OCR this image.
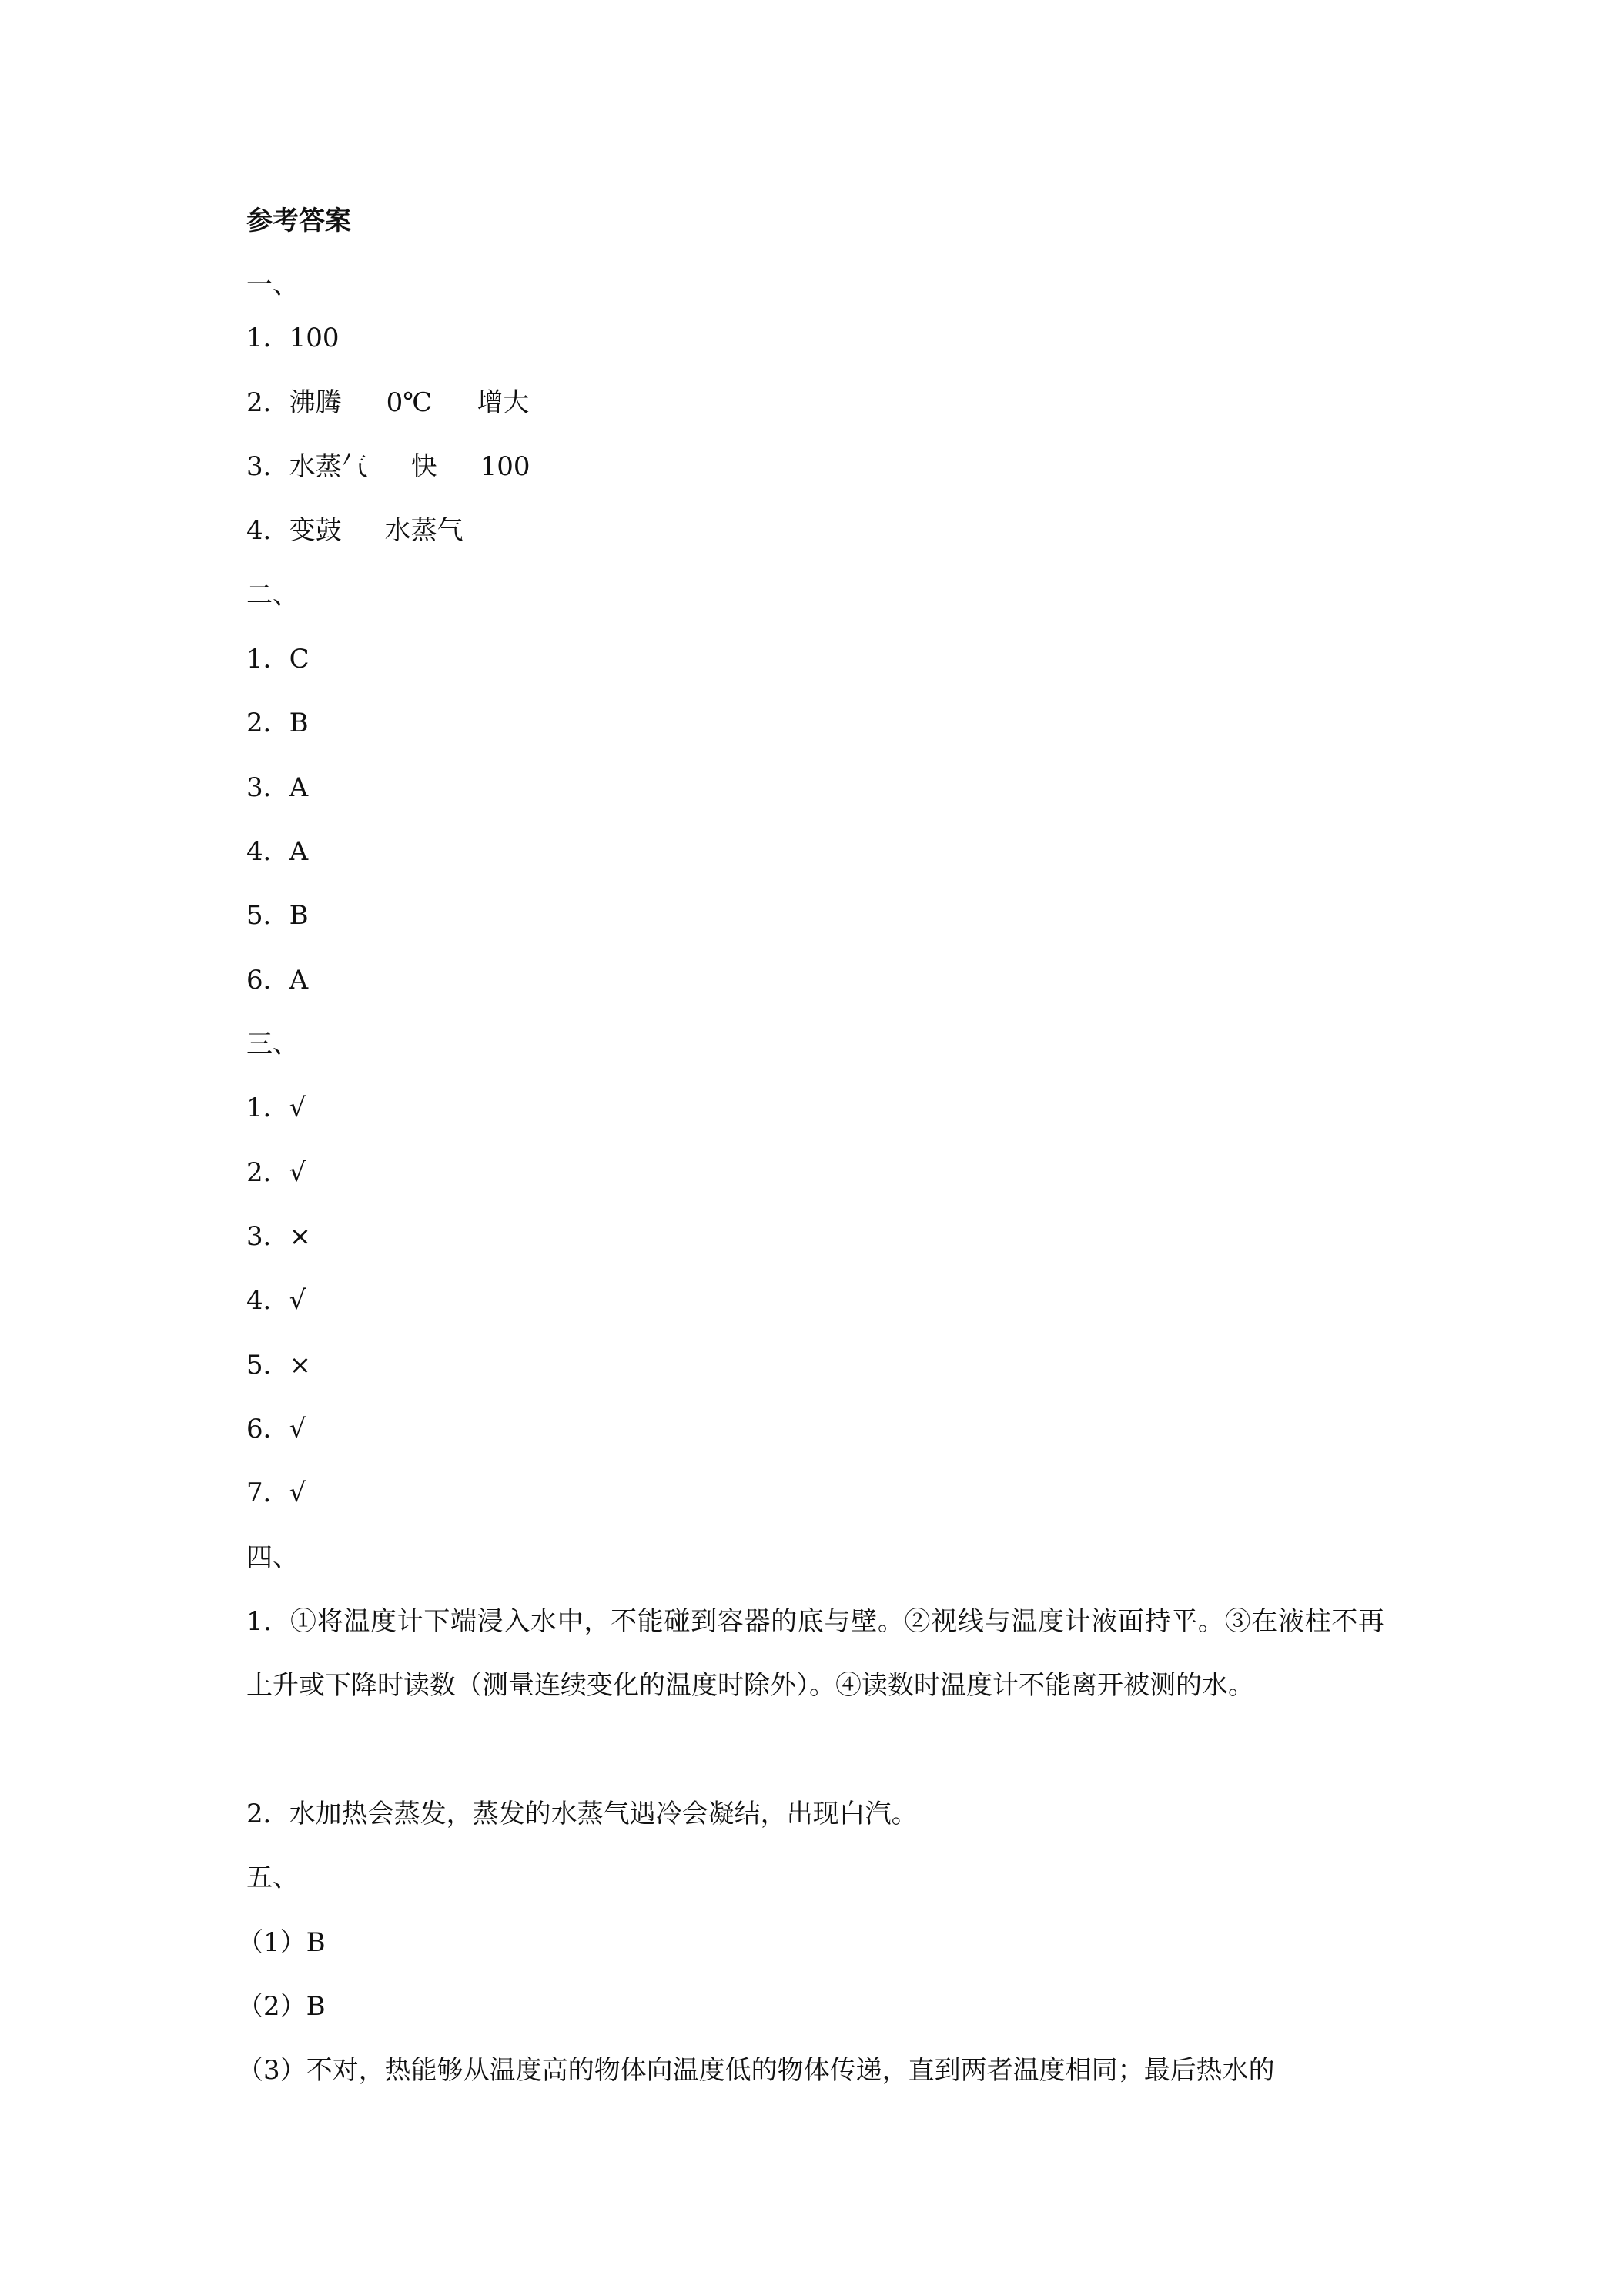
参考答案
一、
1．100
2．沸腾 0℃ 增大
3．水蒸气 快 100
4．变鼓 水蒸气
二、
1．C
2．B
3．A
4．A
5．B
6．A
三、
1．√
2．√
3．×
4．√
5．×
6．√
7．√
四、
1．①将温度计下端浸入水中，不能碰到容器的底与壁。②视线与温度计液面持平。③在液柱不再上升或下降时读数（测量连续变化的温度时除外）。④读数时温度计不能离开被测的水。
2．水加热会蒸发，蒸发的水蒸气遇冷会凝结，出现白汽。
五、
（1）B
（2）B
（3）不对，热能够从温度高的物体向温度低的物体传递，直到两者温度相同；最后热水的
